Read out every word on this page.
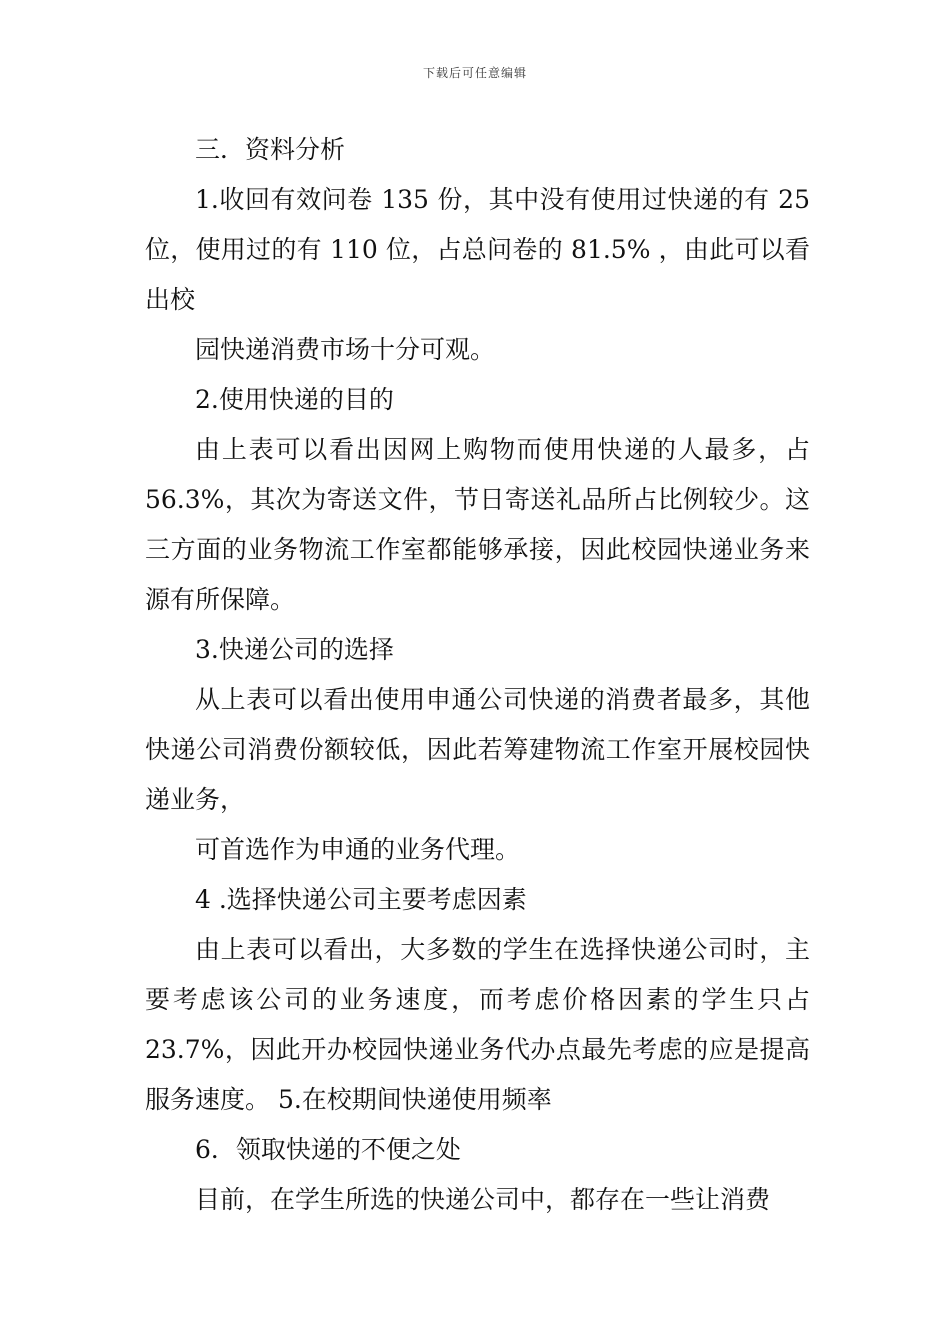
下载后可任意编辑

三．资料分析

1.收回有效问卷 135 份，其中没有使用过快递的有 25 位，使用过的有 110 位，占总问卷的 81.5% ，由此可以看出校

园快递消费市场十分可观。

2.使用快递的目的

由上表可以看出因网上购物而使用快递的人最多，占 56.3%，其次为寄送文件，节日寄送礼品所占比例较少。这三方面的业务物流工作室都能够承接，因此校园快递业务来源有所保障。

3.快递公司的选择

从上表可以看出使用申通公司快递的消费者最多，其他快递公司消费份额较低，因此若筹建物流工作室开展校园快递业务，

可首选作为申通的业务代理。

4 .选择快递公司主要考虑因素

由上表可以看出，大多数的学生在选择快递公司时，主要考虑该公司的业务速度，而考虑价格因素的学生只占 23.7%，因此开办校园快递业务代办点最先考虑的应是提高服务速度。 5.在校期间快递使用频率

6．领取快递的不便之处

目前，在学生所选的快递公司中，都存在一些让消费
